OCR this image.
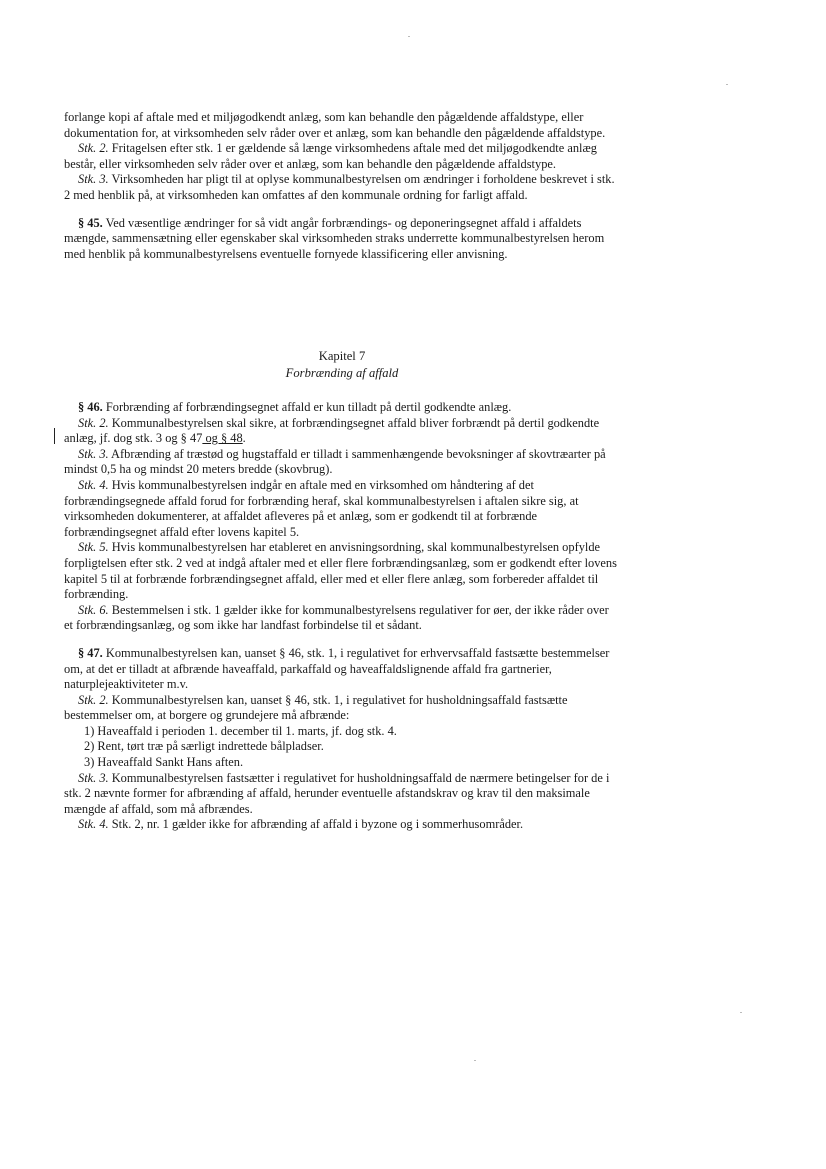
forlange kopi af aftale med et miljøgodkendt anlæg, som kan behandle den pågældende affaldstype, eller dokumentation for, at virksomheden selv råder over et anlæg, som kan behandle den pågældende affaldstype.

Stk. 2. Fritagelsen efter stk. 1 er gældende så længe virksomhedens aftale med det miljøgodkendte anlæg består, eller virksomheden selv råder over et anlæg, som kan behandle den pågældende affaldstype.

Stk. 3. Virksomheden har pligt til at oplyse kommunalbestyrelsen om ændringer i forholdene beskrevet i stk. 2 med henblik på, at virksomheden kan omfattes af den kommunale ordning for farligt affald.

§ 45. Ved væsentlige ændringer for så vidt angår forbrændings- og deponeringsegnet affald i affaldets mængde, sammensætning eller egenskaber skal virksomheden straks underrette kommunalbestyrelsen herom med henblik på kommunalbestyrelsens eventuelle fornyede klassificering eller anvisning.

Kapitel 7
Forbrænding af affald

§ 46. Forbrænding af forbrændingsegnet affald er kun tilladt på dertil godkendte anlæg.

Stk. 2. Kommunalbestyrelsen skal sikre, at forbrændingsegnet affald bliver forbrændt på dertil godkendte anlæg, jf. dog stk. 3 og § 47 og § 48.

Stk. 3. Afbrænding af træstød og hugstaffald er tilladt i sammenhængende bevoksninger af skovtræarter på mindst 0,5 ha og mindst 20 meters bredde (skovbrug).

Stk. 4. Hvis kommunalbestyrelsen indgår en aftale med en virksomhed om håndtering af det forbrændingsegnede affald forud for forbrænding heraf, skal kommunalbestyrelsen i aftalen sikre sig, at virksomheden dokumenterer, at affaldet afleveres på et anlæg, som er godkendt til at forbrænde forbrændingsegnet affald efter lovens kapitel 5.

Stk. 5. Hvis kommunalbestyrelsen har etableret en anvisningsordning, skal kommunalbestyrelsen opfylde forpligtelsen efter stk. 2 ved at indgå aftaler med et eller flere forbrændingsanlæg, som er godkendt efter lovens kapitel 5 til at forbrænde forbrændingsegnet affald, eller med et eller flere anlæg, som forbereder affaldet til forbrænding.

Stk. 6. Bestemmelsen i stk. 1 gælder ikke for kommunalbestyrelsens regulativer for øer, der ikke råder over et forbrændingsanlæg, og som ikke har landfast forbindelse til et sådant.

§ 47. Kommunalbestyrelsen kan, uanset § 46, stk. 1, i regulativet for erhvervsaffald fastsætte bestemmelser om, at det er tilladt at afbrænde haveaffald, parkaffald og haveaffaldslignende affald fra gartnerier, naturplejeaktiviteter m.v.

Stk. 2. Kommunalbestyrelsen kan, uanset § 46, stk. 1, i regulativet for husholdningsaffald fastsætte bestemmelser om, at borgere og grundejere må afbrænde:

1) Haveaffald i perioden 1. december til 1. marts, jf. dog stk. 4.

2) Rent, tørt træ på særligt indrettede bålpladser.

3) Haveaffald Sankt Hans aften.

Stk. 3. Kommunalbestyrelsen fastsætter i regulativet for husholdningsaffald de nærmere betingelser for de i stk. 2 nævnte former for afbrænding af affald, herunder eventuelle afstandskrav og krav til den maksimale mængde af affald, som må afbrændes.

Stk. 4. Stk. 2, nr. 1 gælder ikke for afbrænding af affald i byzone og i sommerhusområder.
